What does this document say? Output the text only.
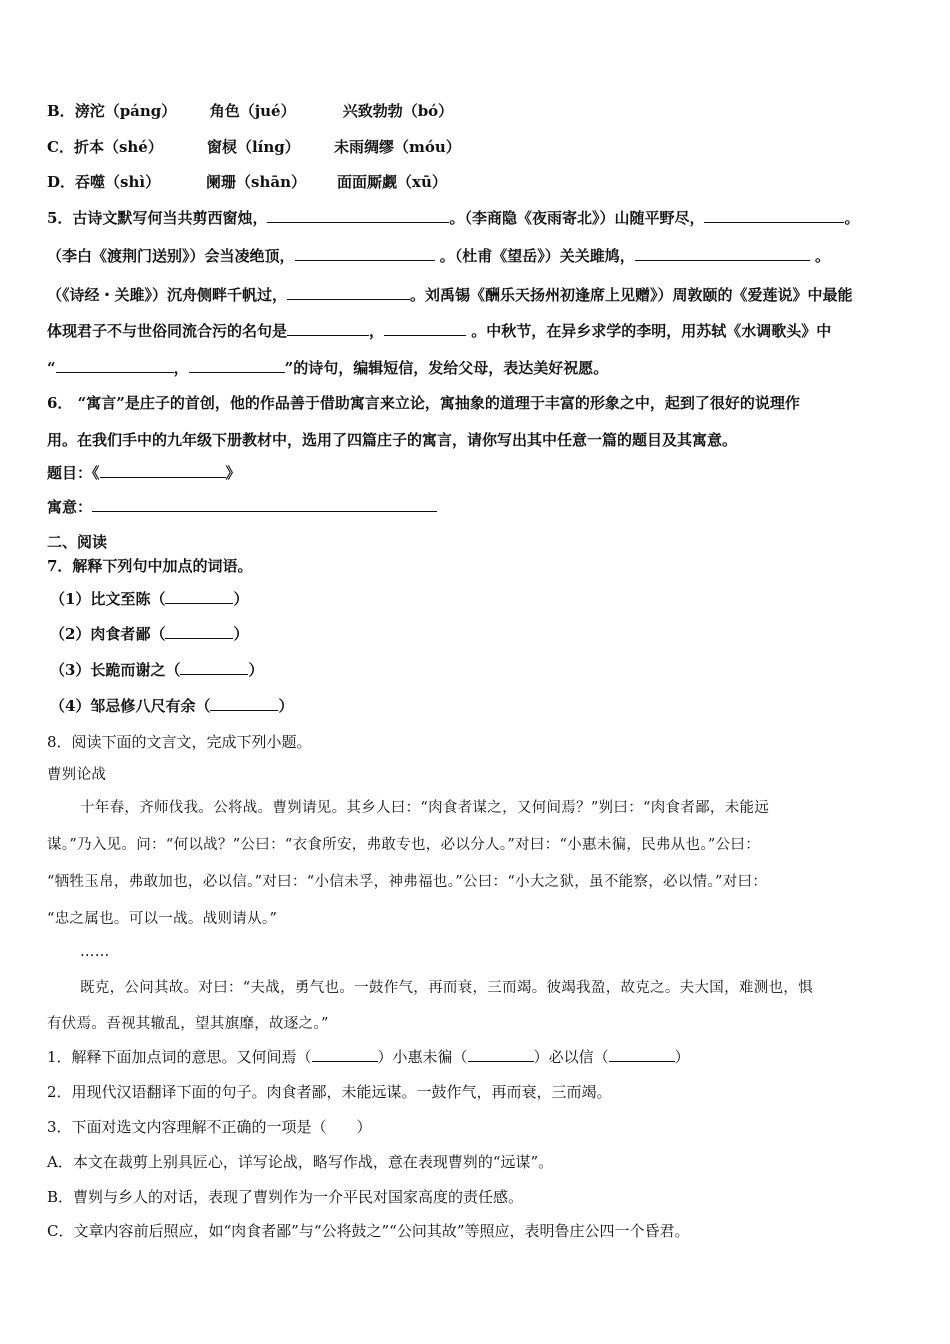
B．滂沱（páng） 角色（jué）	兴致勃勃（bó）
C．折本（shé）	窗棂（líng） 未雨绸缪（móu）
D．吞噬（shì）	阑珊（shān） 面面厮觑（xū）
5．古诗文默写何当共剪西窗烛，	。（李商隐《夜雨寄北》）山随平野尽，	。
（李白《渡荆门送别》）会当凌绝顶，	。（杜甫《望岳》）关关雎鸠，	。
（《诗经・关雎》）沉舟侧畔千帆过，	。刘禹锡《酬乐天扬州初逢席上见赠》）周敦颐的《爱莲说》中最能
体现君子不与世俗同流合污的名句是	，	。中秋节，在异乡求学的李明，用苏轼《水调歌头》中
“	，	”的诗句，编辑短信，发给父母，表达美好祝愿。
6． “寓言”是庄子的首创，他的作品善于借助寓言来立论，寓抽象的道理于丰富的形象之中，起到了很好的说理作
用。在我们手中的九年级下册教材中，选用了四篇庄子的寓言，请你写出其中任意一篇的题目及其寓意。
题目：《	》
寓意：
二、阅读
7．解释下列句中加点的词语。
（1）比文至陈（	）
（2）肉食者鄙（	）
（3）长跪而谢之（	）
（4）邹忌修八尺有余（	）
8．阅读下面的文言文，完成下列小题。
曹刿论战
十年春，齐师伐我。公将战。曹刿请见。其乡人曰：“肉食者谋之，又何间焉？”刿曰：“肉食者鄙，未能远
谋。”乃入见。问：“何以战？”公曰：“衣食所安，弗敢专也，必以分人。”对曰：“小惠未徧，民弗从也。”公曰：
“牺牲玉帛，弗敢加也，必以信。”对曰：“小信未孚，神弗福也。”公曰：“小大之狱，虽不能察，必以情。”对曰：
“忠之属也。可以一战。战则请从。”
……
既克，公问其故。对曰：“夫战，勇气也。一鼓作气，再而衰，三而竭。彼竭我盈，故克之。夫大国，难测也，惧
有伏焉。吾视其辙乱，望其旗靡，故逐之。”
1．解释下面加点词的意思。又何间焉（	）小惠未徧（	）必以信（	）
2．用现代汉语翻译下面的句子。肉食者鄙，未能远谋。一鼓作气，再而衰，三而竭。
3．下面对选文内容理解不正确的一项是（　　）
A．本文在裁剪上别具匠心，详写论战，略写作战，意在表现曹刿的“远谋”。
B．曹刿与乡人的对话，表现了曹刿作为一介平民对国家高度的责任感。
C．文章内容前后照应，如“肉食者鄙”与“公将鼓之”“公问其故”等照应，表明鲁庄公四一个昏君。
